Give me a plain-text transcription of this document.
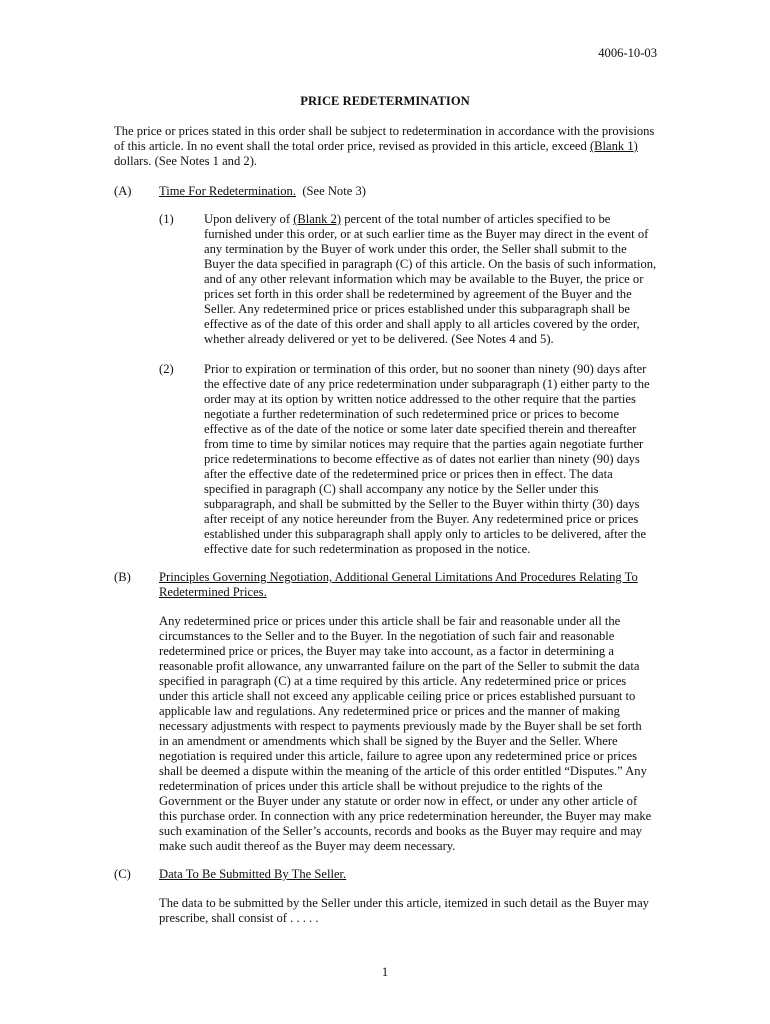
4006-10-03
PRICE REDETERMINATION

The price or prices stated in this order shall be subject to redetermination in accordance with the provisions of this article. In no event shall the total order price, revised as provided in this article, exceed (Blank 1) dollars. (See Notes 1 and 2).

(A) Time For Redetermination.  (See Note 3)
(1) Upon delivery of (Blank 2) percent of the total number of articles specified to be furnished under this order, or at such earlier time as the Buyer may direct in the event of any termination by the Buyer of work under this order, the Seller shall submit to the Buyer the data specified in paragraph (C) of this article. On the basis of such information, and of any other relevant information which may be available to the Buyer, the price or prices set forth in this order shall be redetermined by agreement of the Buyer and the Seller. Any redetermined price or prices established under this subparagraph shall be effective as of the date of this order and shall apply to all articles covered by the order, whether already delivered or yet to be delivered. (See Notes 4 and 5).

(2) Prior to expiration or termination of this order, but no sooner than ninety (90) days after the effective date of any price redetermination under subparagraph (1) either party to the order may at its option by written notice addressed to the other require that the parties negotiate a further redetermination of such redetermined price or prices to become effective as of the date of the notice or some later date specified therein and thereafter from time to time by similar notices may require that the parties again negotiate further price redeterminations to become effective as of dates not earlier than ninety (90) days after the effective date of the redetermined price or prices then in effect. The data specified in paragraph (C) shall accompany any notice by the Seller under this subparagraph, and shall be submitted by the Seller to the Buyer within thirty (30) days after receipt of any notice hereunder from the Buyer. Any redetermined price or prices established under this subparagraph shall apply only to articles to be delivered, after the effective date for such redetermination as proposed in the notice.

(B) Principles Governing Negotiation, Additional General Limitations And Procedures Relating To
Redetermined Prices.

Any redetermined price or prices under this article shall be fair and reasonable under all the circumstances to the Seller and to the Buyer. In the negotiation of such fair and reasonable redetermined price or prices, the Buyer may take into account, as a factor in determining a reasonable profit allowance, any unwarranted failure on the part of the Seller to submit the data specified in paragraph (C) at a time required by this article. Any redetermined price or prices under this article shall not exceed any applicable ceiling price or prices established pursuant to applicable law and regulations. Any redetermined price or prices and the manner of making necessary adjustments with respect to payments previously made by the Buyer shall be set forth in an amendment or amendments which shall be signed by the Buyer and the Seller. Where negotiation is required under this article, failure to agree upon any redetermined price or prices shall be deemed a dispute within the meaning of the article of this order entitled “Disputes.” Any redetermination of prices under this article shall be without prejudice to the rights of the Government or the Buyer under any statute or order now in effect, or under any other article of this purchase order. In connection with any price redetermination hereunder, the Buyer may make such examination of the Seller’s accounts, records and books as the Buyer may require and may make such audit thereof as the Buyer may deem necessary.

(C) Data To Be Submitted By The Seller.

The data to be submitted by the Seller under this article, itemized in such detail as the Buyer may prescribe, shall consist of . . . . .

1
